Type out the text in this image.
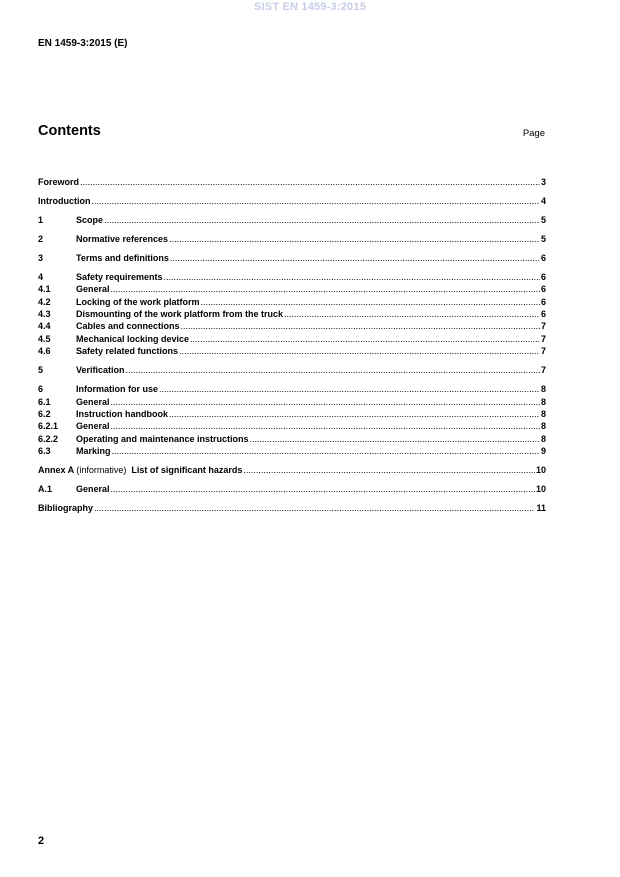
SIST EN 1459-3:2015
EN 1459-3:2015 (E)
Contents	Page
Foreword .....	3
Introduction .....	4
1	Scope .....	5
2	Normative references .....	5
3	Terms and definitions .....	6
4	Safety requirements .....	6
4.1	General .....	6
4.2	Locking of the work platform .....	6
4.3	Dismounting of the work platform from the truck .....	6
4.4	Cables and connections .....	7
4.5	Mechanical locking device .....	7
4.6	Safety related functions .....	7
5	Verification .....	7
6	Information for use .....	8
6.1	General .....	8
6.2	Instruction handbook .....	8
6.2.1	General .....	8
6.2.2	Operating and maintenance instructions .....	8
6.3	Marking .....	9
Annex A (informative) List of significant hazards .....	10
A.1	General .....	10
Bibliography .....	11
2
